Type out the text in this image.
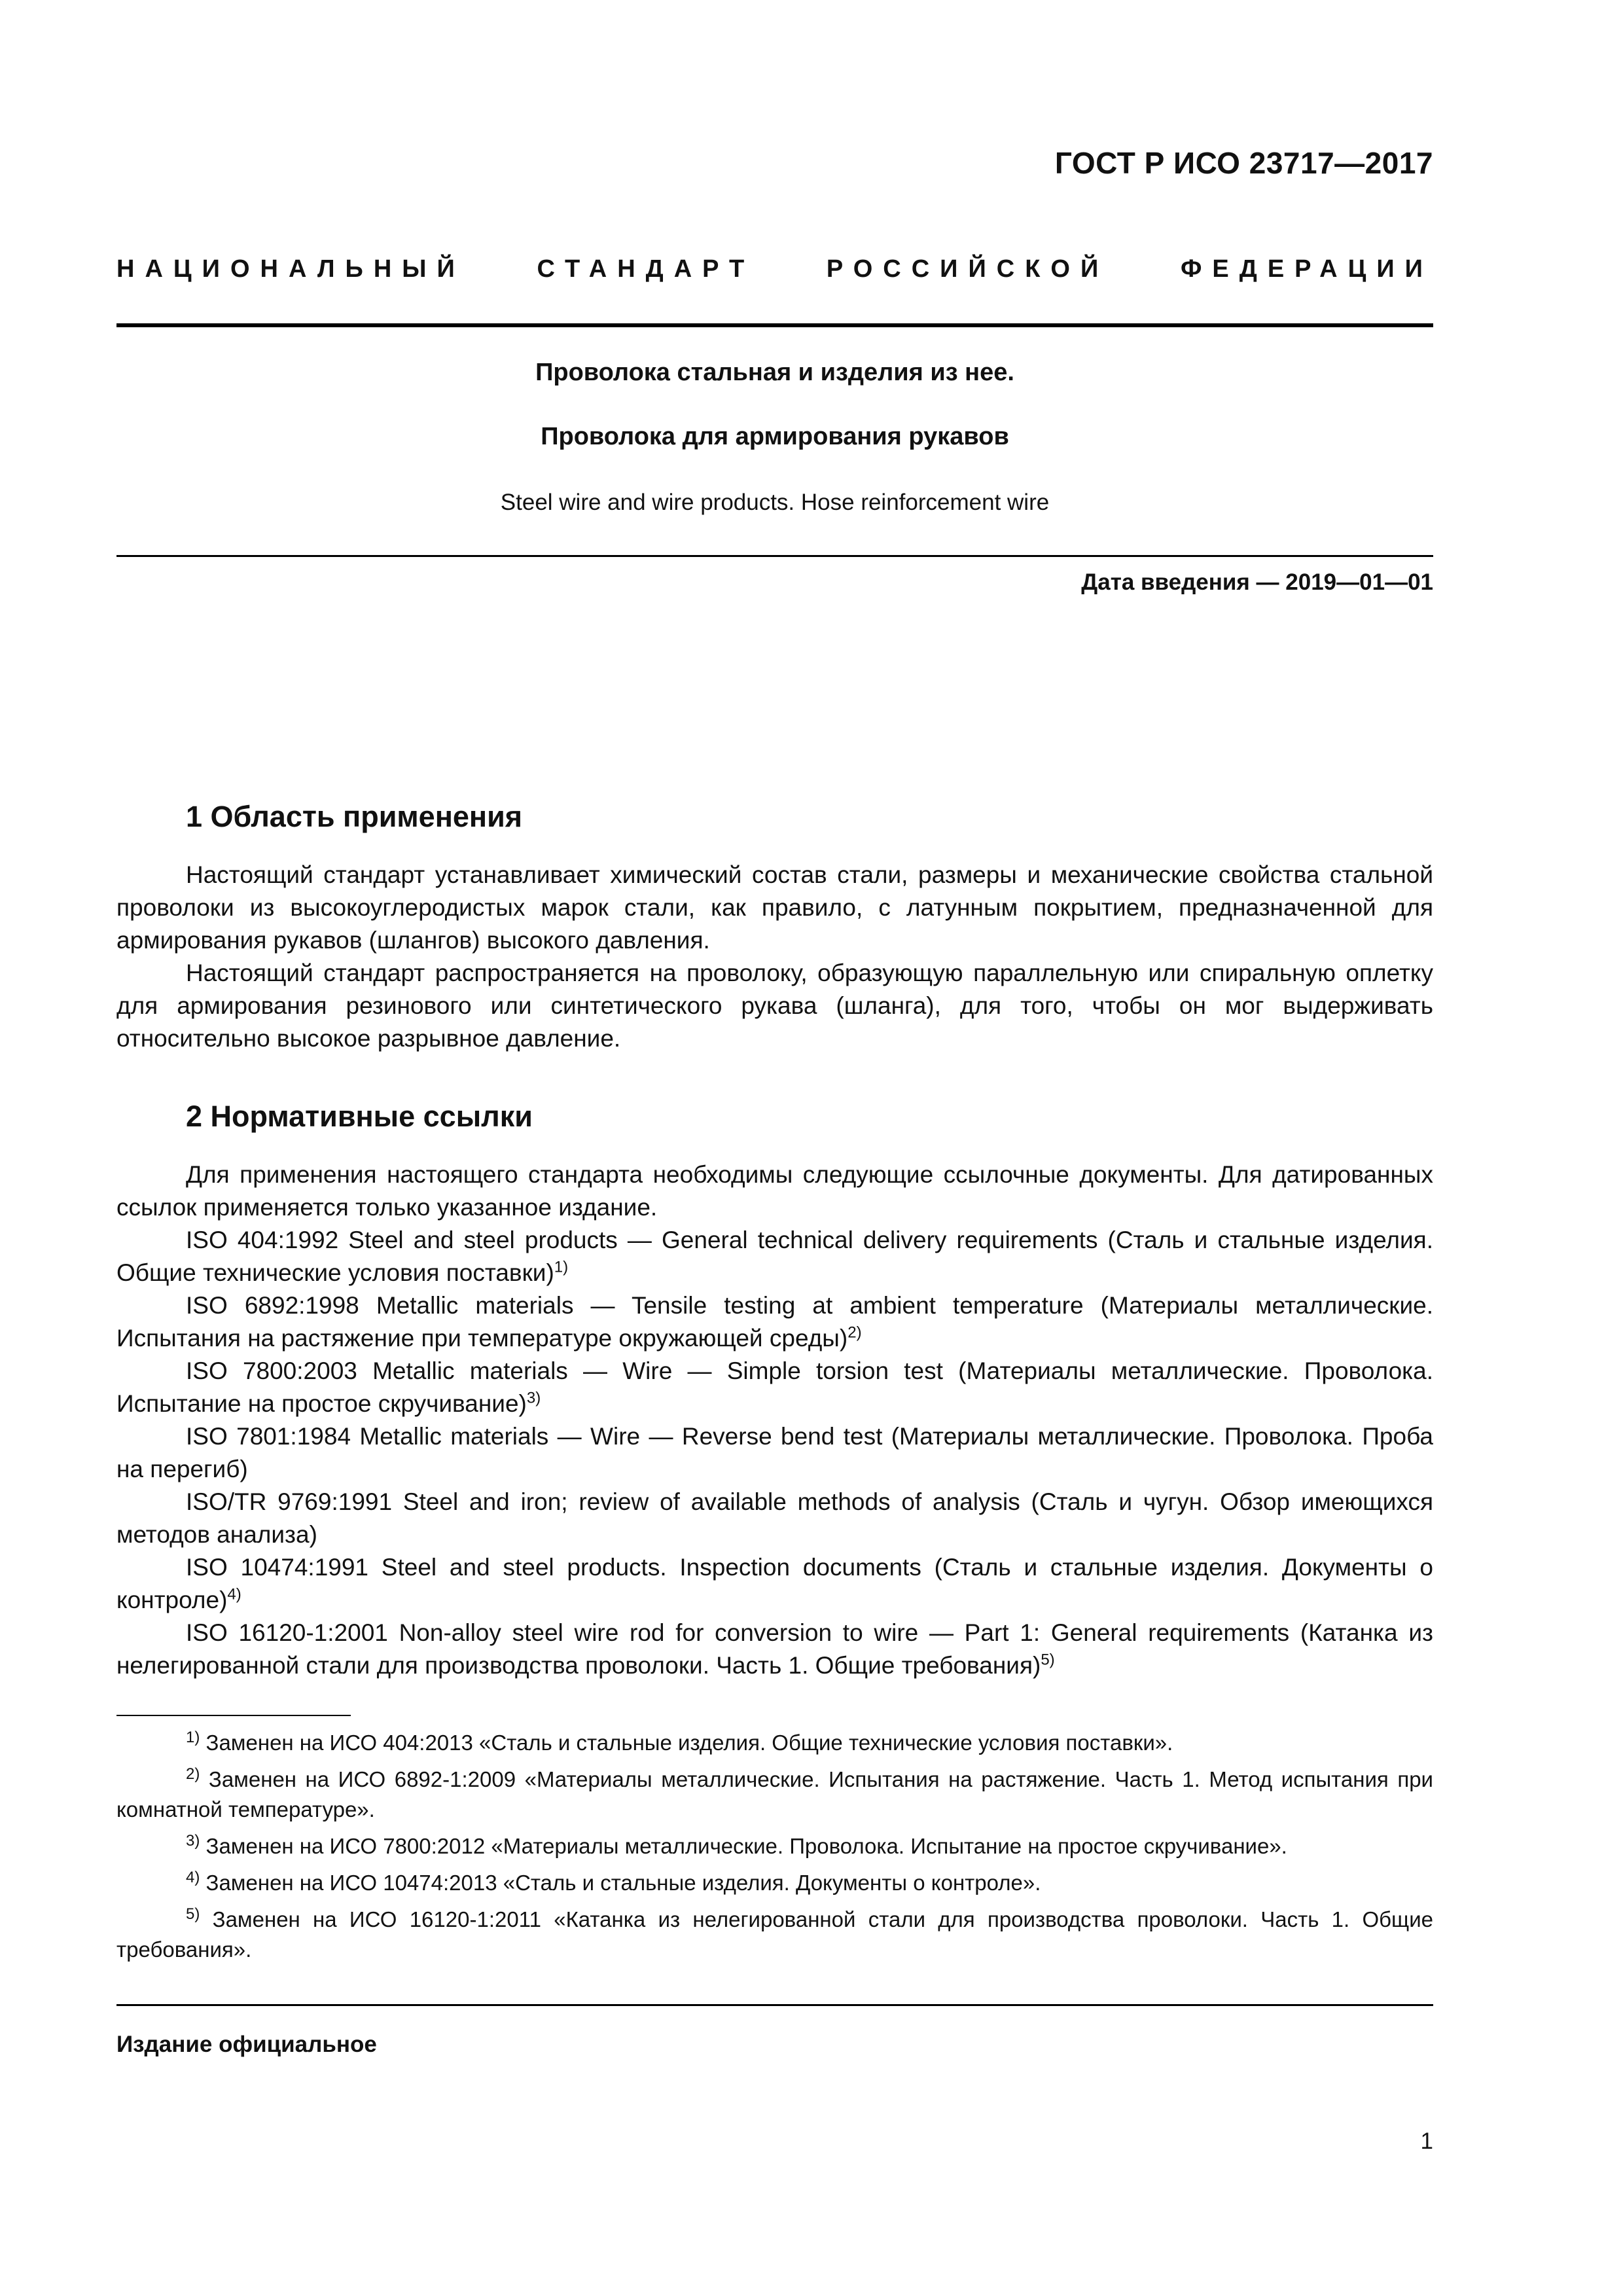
ГОСТ Р ИСО 23717—2017
НАЦИОНАЛЬНЫЙ СТАНДАРТ РОССИЙСКОЙ ФЕДЕРАЦИИ
Проволока стальная и изделия из нее.
Проволока для армирования рукавов
Steel wire and wire products. Hose reinforcement wire
Дата введения — 2019—01—01
1 Область применения

Настоящий стандарт устанавливает химический состав стали, размеры и механические свойства стальной проволоки из высокоуглеродистых марок стали, как правило, с латунным покрытием, предназначенной для армирования рукавов (шлангов) высокого давления.

Настоящий стандарт распространяется на проволоку, образующую параллельную или спиральную оплетку для армирования резинового или синтетического рукава (шланга), для того, чтобы он мог выдерживать относительно высокое разрывное давление.

2 Нормативные ссылки

Для применения настоящего стандарта необходимы следующие ссылочные документы. Для датированных ссылок применяется только указанное издание.

ISO 404:1992 Steel and steel products — General technical delivery requirements (Сталь и стальные изделия. Общие технические условия поставки)$^{1)}$

ISO 6892:1998 Metallic materials — Tensile testing at ambient temperature (Материалы металлические. Испытания на растяжение при температуре окружающей среды)$^{2)}$

ISO 7800:2003 Metallic materials — Wire — Simple torsion test (Материалы металлические. Проволока. Испытание на простое скручивание)$^{3)}$

ISO 7801:1984 Metallic materials — Wire — Reverse bend test (Материалы металлические. Проволока. Проба на перегиб)

ISO/TR 9769:1991 Steel and iron; review of available methods of analysis (Сталь и чугун. Обзор имеющихся методов анализа)

ISO 10474:1991 Steel and steel products. Inspection documents (Сталь и стальные изделия. Документы о контроле)$^{4)}$

ISO 16120-1:2001 Non-alloy steel wire rod for conversion to wire — Part 1: General requirements (Катанка из нелегированной стали для производства проволоки. Часть 1. Общие требования)$^{5)}$

$^{1)}$ Заменен на ИСО 404:2013 «Сталь и стальные изделия. Общие технические условия поставки».

$^{2)}$ Заменен на ИСО 6892-1:2009 «Материалы металлические. Испытания на растяжение. Часть 1. Метод испытания при комнатной температуре».

$^{3)}$ Заменен на ИСО 7800:2012 «Материалы металлические. Проволока. Испытание на простое скручивание».

$^{4)}$ Заменен на ИСО 10474:2013 «Сталь и стальные изделия. Документы о контроле».

$^{5)}$ Заменен на ИСО 16120-1:2011 «Катанка из нелегированной стали для производства проволоки. Часть 1. Общие требования».

Издание официальное
1
